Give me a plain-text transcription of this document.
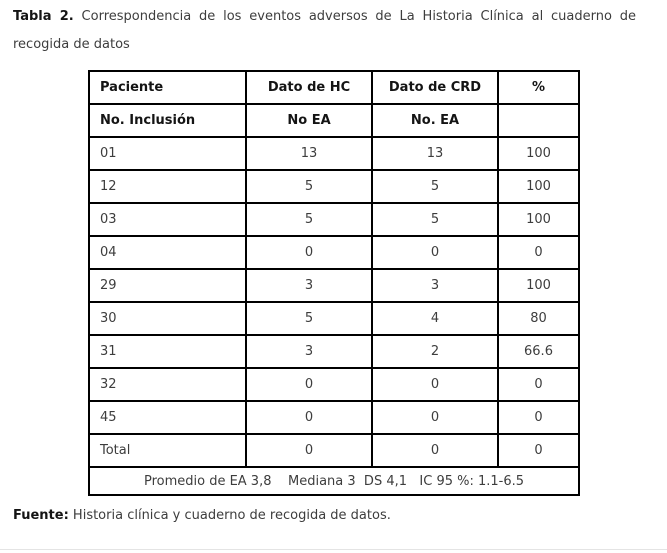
Tabla 2. Correspondencia de los eventos adversos de La Historia Clínica al cuaderno de recogida de datos

Paciente	Dato de HC	Dato de CRD	%
No. Inclusión	No EA	No. EA	
01	13	13	100
12	5	5	100
03	5	5	100
04	0	0	0
29	3	3	100
30	5	4	80
31	3	2	66.6
32	0	0	0
45	0	0	0
Total	0	0	0
Promedio de EA 3,8    Mediana 3  DS 4,1   IC 95 %: 1.1-6.5			

Fuente: Historia clínica y cuaderno de recogida de datos.
